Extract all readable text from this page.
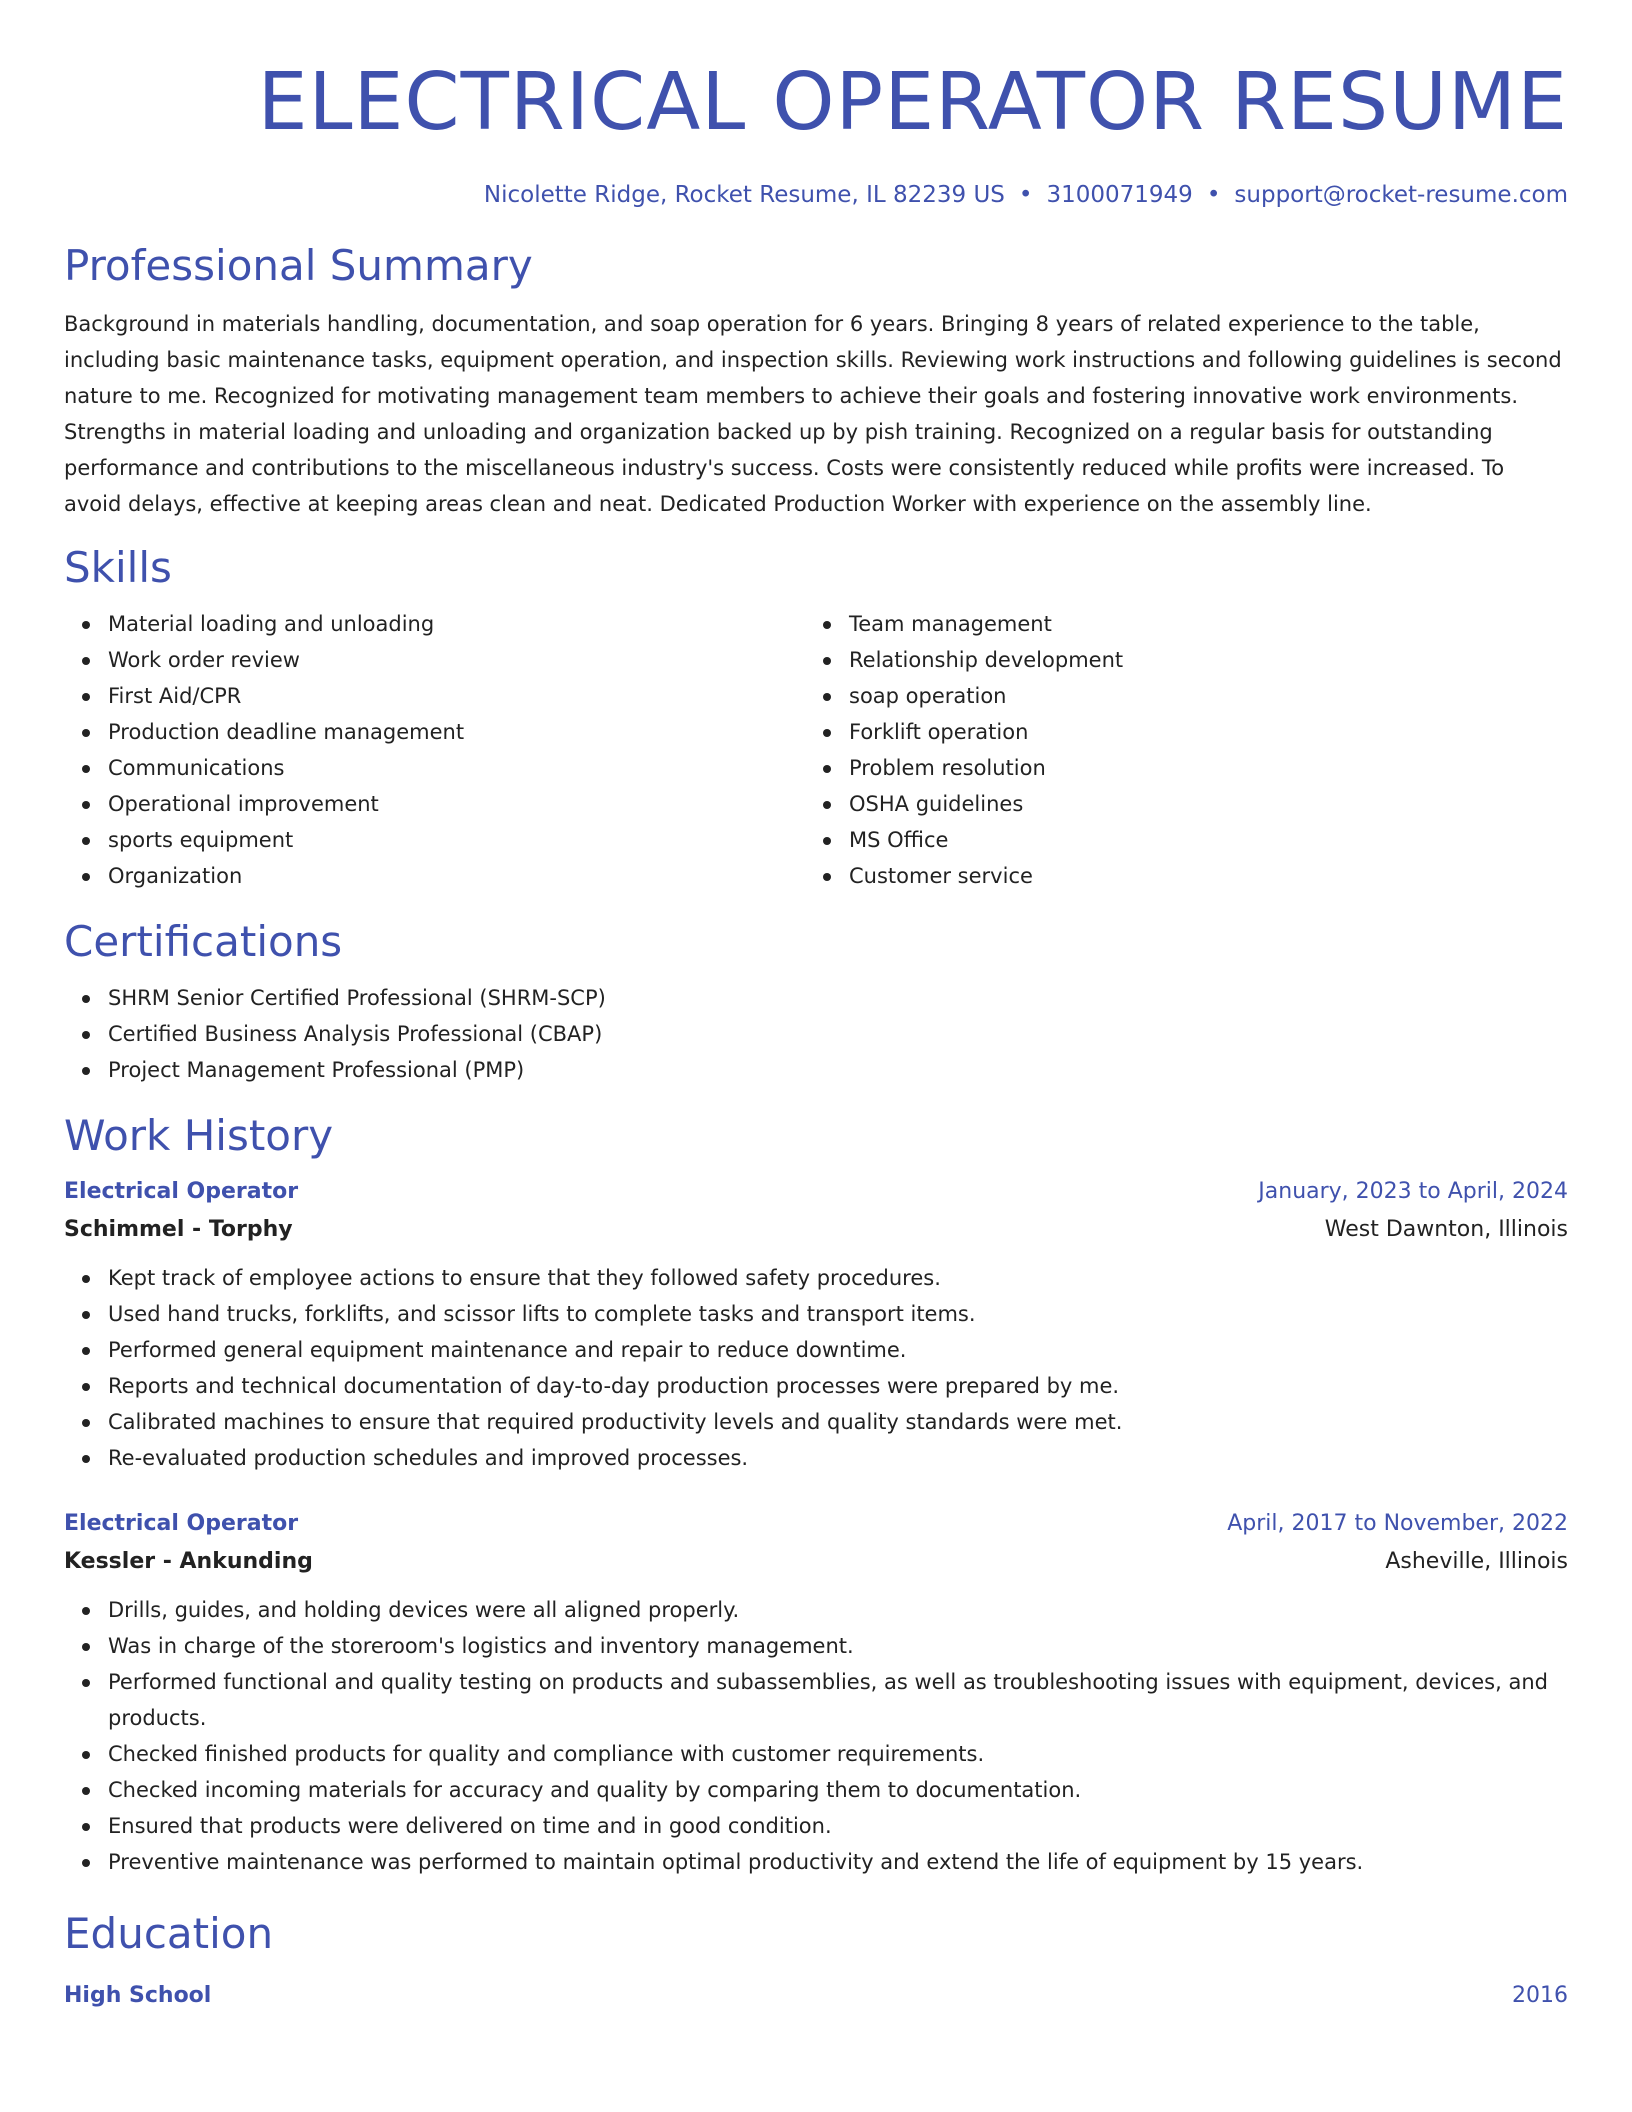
ELECTRICAL OPERATOR RESUME
Nicolette Ridge, Rocket Resume, IL 82239 US • 3100071949 • support@rocket-resume.com
Professional Summary

Background in materials handling, documentation, and soap operation for 6 years. Bringing 8 years of related experience to the table, including basic maintenance tasks, equipment operation, and inspection skills. Reviewing work instructions and following guidelines is second nature to me. Recognized for motivating management team members to achieve their goals and fostering innovative work environments. Strengths in material loading and unloading and organization backed up by pish training. Recognized on a regular basis for outstanding performance and contributions to the miscellaneous industry's success. Costs were consistently reduced while profits were increased. To avoid delays, effective at keeping areas clean and neat. Dedicated Production Worker with experience on the assembly line.

Skills
Material loading and unloading
Work order review
First Aid/CPR
Production deadline management
Communications
Operational improvement
sports equipment
Organization
Team management
Relationship development
soap operation
Forklift operation
Problem resolution
OSHA guidelines
MS Office
Customer service
Certifications
SHRM Senior Certified Professional (SHRM-SCP)
Certified Business Analysis Professional (CBAP)
Project Management Professional (PMP)
Work History
Electrical Operator	January, 2023 to April, 2024
Schimmel - Torphy	West Dawnton, Illinois
Kept track of employee actions to ensure that they followed safety procedures.
Used hand trucks, forklifts, and scissor lifts to complete tasks and transport items.
Performed general equipment maintenance and repair to reduce downtime.
Reports and technical documentation of day-to-day production processes were prepared by me.
Calibrated machines to ensure that required productivity levels and quality standards were met.
Re-evaluated production schedules and improved processes.
Electrical Operator	April, 2017 to November, 2022
Kessler - Ankunding	Asheville, Illinois
Drills, guides, and holding devices were all aligned properly.
Was in charge of the storeroom's logistics and inventory management.
Performed functional and quality testing on products and subassemblies, as well as troubleshooting issues with equipment, devices, and products.
Checked finished products for quality and compliance with customer requirements.
Checked incoming materials for accuracy and quality by comparing them to documentation.
Ensured that products were delivered on time and in good condition.
Preventive maintenance was performed to maintain optimal productivity and extend the life of equipment by 15 years.
Education
High School	2016
